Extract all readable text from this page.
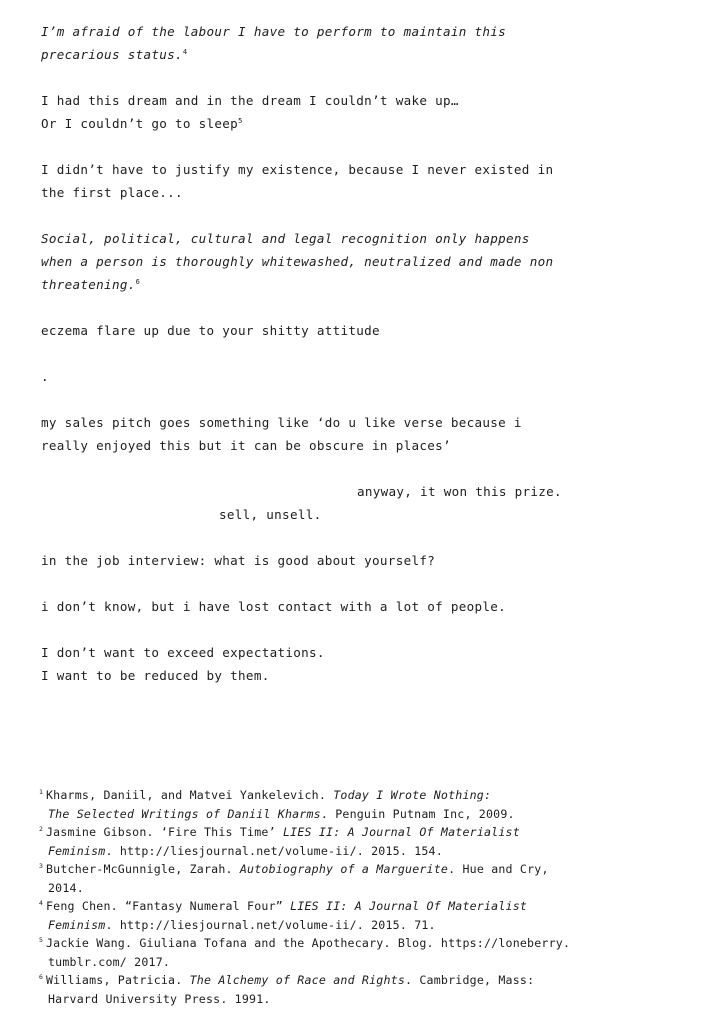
I’m afraid of the labour I have to perform to maintain this
precarious status.$^4$
I had this dream and in the dream I couldn’t wake up…
Or I couldn’t go to sleep$^5$
I didn’t have to justify my existence, because I never existed in
the first place...
Social, political, cultural and legal recognition only happens
when a person is thoroughly whitewashed, neutralized and made non
threatening.$^6$
eczema flare up due to your shitty attitude
.
my sales pitch goes something like ‘do u like verse because i
really enjoyed this but it can be obscure in places’
anyway, it won this prize.
sell, unsell.
in the job interview: what is good about yourself?
i don’t know, but i have lost contact with a lot of people.
I don’t want to exceed expectations.
I want to be reduced by them.
1 Kharms, Daniil, and Matvei Yankelevich. Today I Wrote Nothing:
The Selected Writings of Daniil Kharms. Penguin Putnam Inc, 2009.
2 Jasmine Gibson. ‘Fire This Time’ LIES II: A Journal Of Materialist
Feminism. http://liesjournal.net/volume-ii/. 2015. 154.
3 Butcher-McGunnigle, Zarah. Autobiography of a Marguerite. Hue and Cry,
2014.
4 Feng Chen. “Fantasy Numeral Four” LIES II: A Journal Of Materialist
Feminism. http://liesjournal.net/volume-ii/. 2015. 71.
5 Jackie Wang. Giuliana Tofana and the Apothecary. Blog. https://loneberry.
tumblr.com/ 2017.
6 Williams, Patricia. The Alchemy of Race and Rights. Cambridge, Mass:
Harvard University Press. 1991.
